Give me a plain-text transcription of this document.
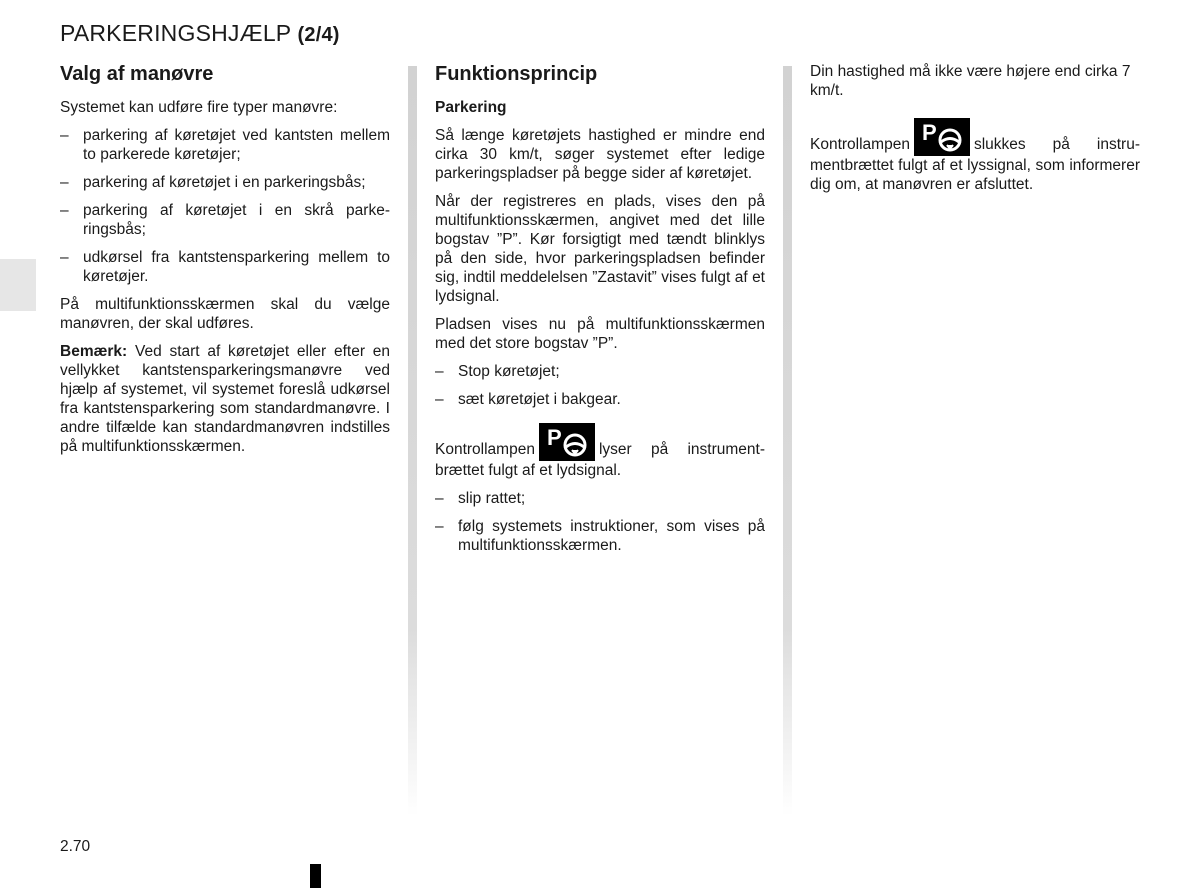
PARKERINGSHJÆLP (2/4)
Valg af manøvre

Systemet kan udføre fire typer manøvre:

– parkering af køretøjet ved kantsten mellem to parkerede køretøjer;
– parkering af køretøjet i en parkeringsbås;
– parkering af køretøjet i en skrå parkeringsbås;
– udkørsel fra kantstensparkering mellem to køretøjer.

På multifunktionsskærmen skal du vælge manøvren, der skal udføres.

Bemærk: Ved start af køretøjet eller efter en vellykket kantstensparkeringsmanøvre ved hjælp af systemet, vil systemet foreslå udkørsel fra kantstensparkering som standardmanøvre. I andre tilfælde kan standardmanøvren indstilles på multifunktionsskærmen.

Funktionsprincip

Parkering

Så længe køretøjets hastighed er mindre end cirka 30 km/t, søger systemet efter ledige parkeringspladser på begge sider af køretøjet.

Når der registreres en plads, vises den på multifunktionsskærmen, angivet med det lille bogstav ”P”. Kør forsigtigt med tændt blinklys på den side, hvor parkeringspladsen befinder sig, indtil meddelelsen ”Zastavit” vises fulgt af et lydsignal.

Pladsen vises nu på multifunktionsskærmen med det store bogstav ”P”.

– Stop køretøjet;
– sæt køretøjet i bakgear.

Kontrollampen P lyser på instrumentbrættet fulgt af et lydsignal.

– slip rattet;
– følg systemets instruktioner, som vises på multifunktionsskærmen.

Din hastighed må ikke være højere end cirka 7 km/t.

Kontrollampen P slukkes på instrumentbrættet fulgt af et lyssignal, som informerer dig om, at manøvren er afsluttet.

2.70
